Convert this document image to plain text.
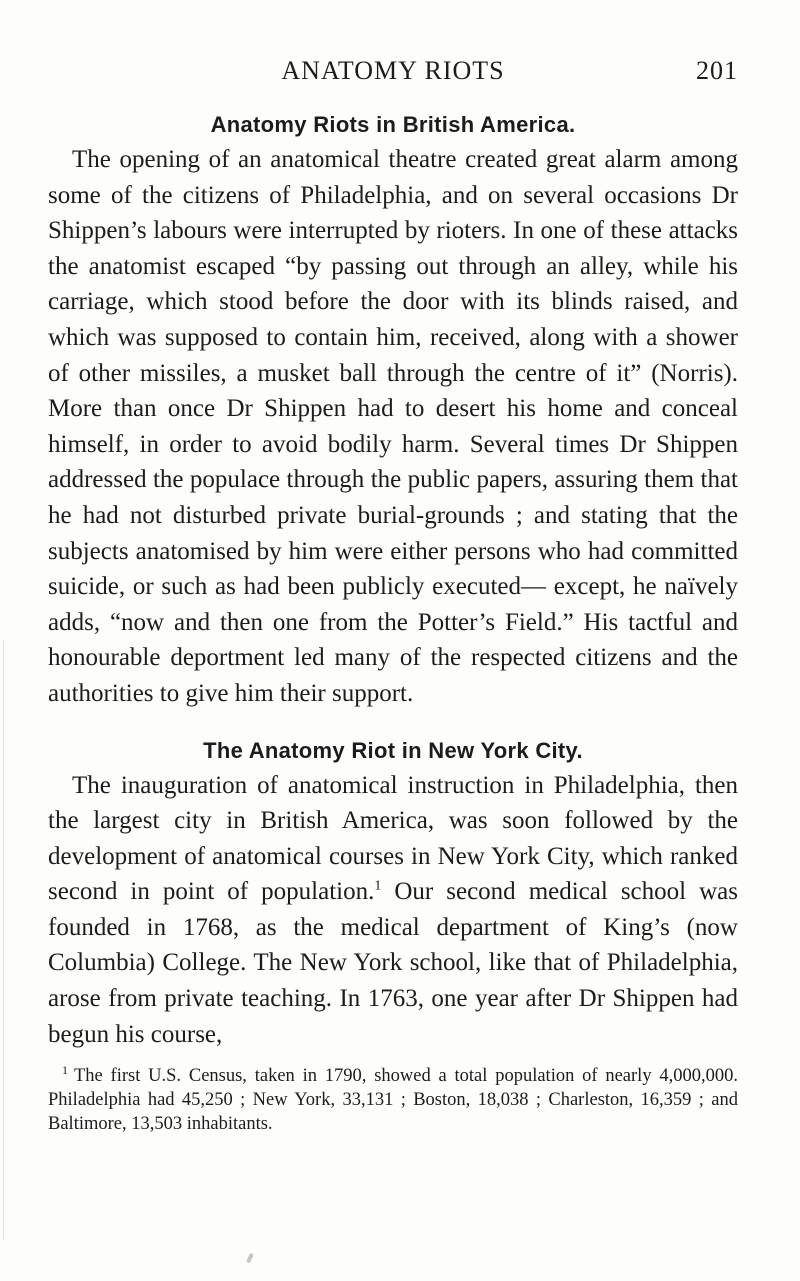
ANATOMY RIOTS	201
Anatomy Riots in British America.

The opening of an anatomical theatre created great alarm among some of the citizens of Philadelphia, and on several occasions Dr Shippen’s labours were interrupted by rioters. In one of these attacks the anatomist escaped “by passing out through an alley, while his carriage, which stood before the door with its blinds raised, and which was supposed to contain him, received, along with a shower of other missiles, a musket ball through the centre of it” (Norris). More than once Dr Shippen had to desert his home and conceal himself, in order to avoid bodily harm. Several times Dr Shippen addressed the populace through the public papers, assuring them that he had not disturbed private burial-grounds ; and stating that the subjects anatomised by him were either persons who had committed suicide, or such as had been publicly executed— except, he naïvely adds, “now and then one from the Potter’s Field.” His tactful and honourable deportment led many of the respected citizens and the authorities to give him their support.

The Anatomy Riot in New York City.

The inauguration of anatomical instruction in Philadelphia, then the largest city in British America, was soon followed by the development of anatomical courses in New York City, which ranked second in point of population.$^1$ Our second medical school was founded in 1768, as the medical department of King’s (now Columbia) College. The New York school, like that of Philadelphia, arose from private teaching. In 1763, one year after Dr Shippen had begun his course,

$^1$ The first U.S. Census, taken in 1790, showed a total population of nearly 4,000,000. Philadelphia had 45,250 ; New York, 33,131 ; Boston, 18,038 ; Charleston, 16,359 ; and Baltimore, 13,503 inhabitants.
